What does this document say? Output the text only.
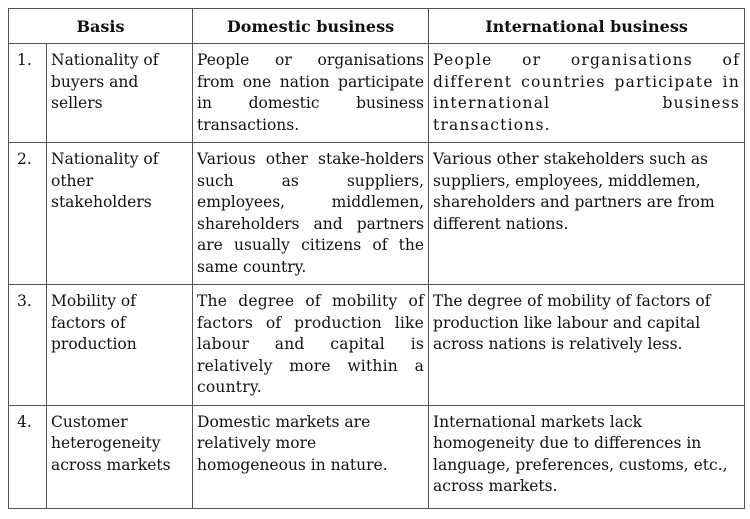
Basis		Domestic business	International business
1.	Nationality of buyers and sellers	People or organisations from one nation participate in domestic business transactions.	People or organisations of different countries participate in international business transactions.
2.	Nationality of other stakeholders	Various other stake-holders such as suppliers, employees, middlemen, shareholders and partners are usually citizens of the same country.	Various other stakeholders such as suppliers, employees, middlemen, shareholders and partners are from different nations.
3.	Mobility of factors of production	The degree of mobility of factors of production like labour and capital is relatively more within a country.	The degree of mobility of factors of production like labour and capital across nations is relatively less.
4.	Customer heterogeneity across markets	Domestic markets are relatively more homogeneous in nature.	International markets lack homogeneity due to differences in language, preferences, customs, etc., across markets.
